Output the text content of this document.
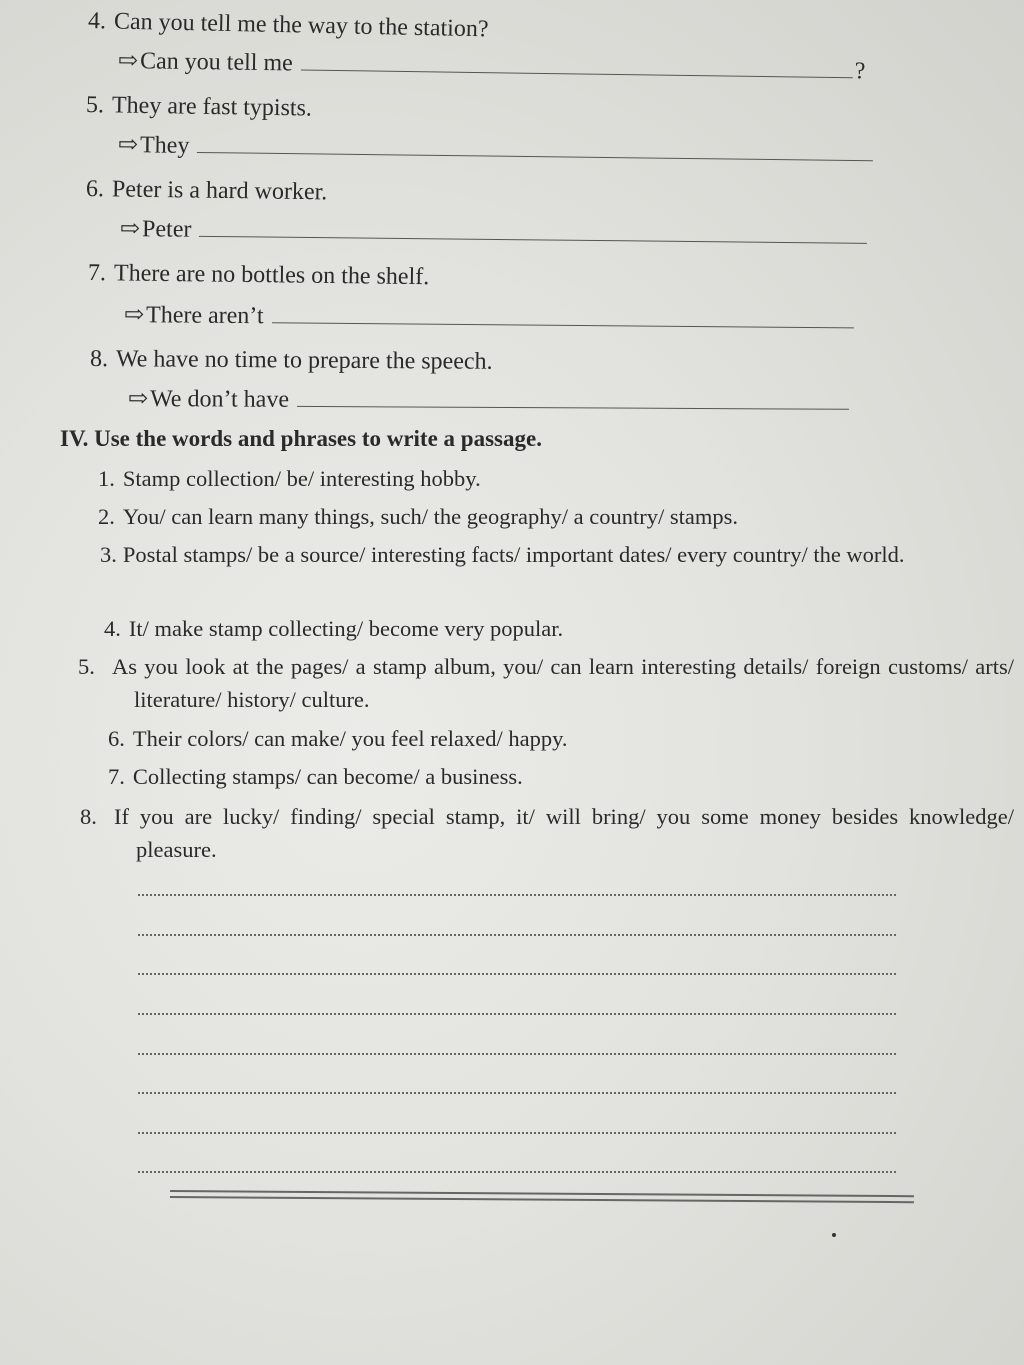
4. Can you tell me the way to the station?
⇨Can you tell me	?
5. They are fast typists.
⇨They
6. Peter is a hard worker.
⇨Peter
7. There are no bottles on the shelf.
⇨There aren’t
8. We have no time to prepare the speech.
⇨We don’t have
IV. Use the words and phrases to write a passage.
1. Stamp collection/ be/ interesting hobby.
2. You/ can learn many things, such/ the geography/ a country/ stamps.
3. Postal stamps/ be a source/ interesting facts/ important dates/ every country/ the world.
4. It/ make stamp collecting/ become very popular.
5. As you look at the pages/ a stamp album, you/ can learn interesting details/ foreign customs/ arts/ literature/ history/ culture.
6. Their colors/ can make/ you feel relaxed/ happy.
7. Collecting stamps/ can become/ a business.
8. If you are lucky/ finding/ special stamp, it/ will bring/ you some money besides knowledge/ pleasure.
